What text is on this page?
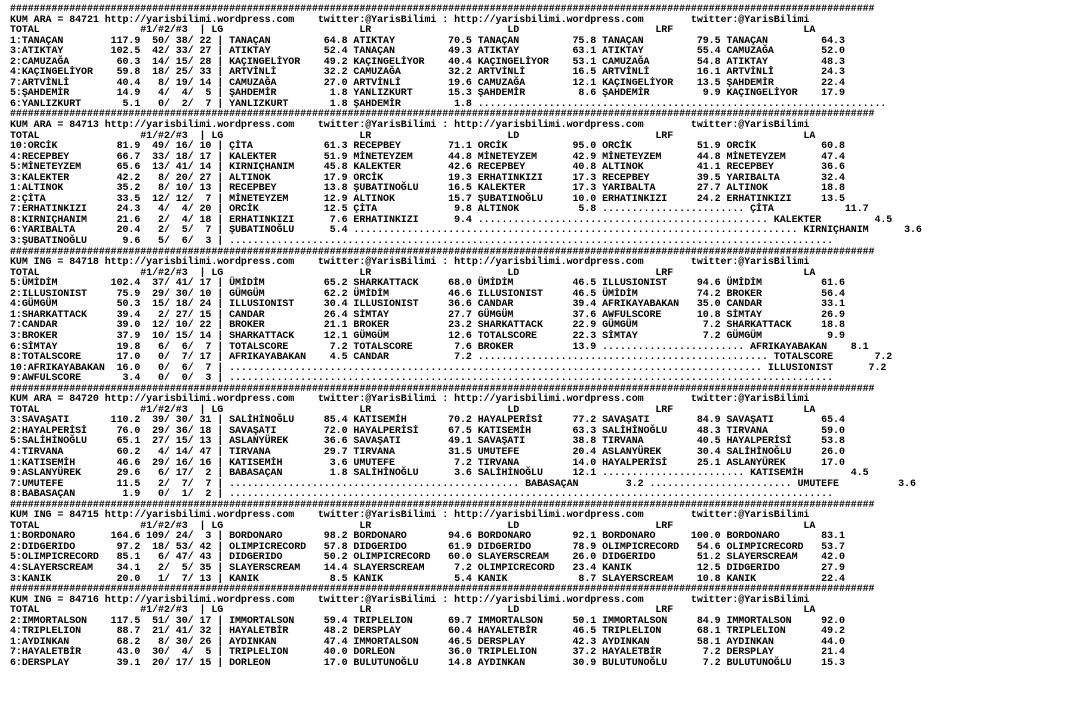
##################################################################################################################################################
KUM ARA = 84721 http://yarisbilimi.wordpress.com    twitter:@YarisBilimi : http://yarisbilimi.wordpress.com        twitter:@YarisBilimi
TOTAL                 #1/#2/#3  | LG                       LR                       LD                       LRF                      LA
1:TANAÇAN        117.9  50/ 38/ 22 | TANAÇAN         64.8 ATIKTAY         70.5 TANAÇAN         75.8 TANAÇAN         79.5 TANAÇAN         64.3
3:ATIKTAY        102.5  42/ 33/ 27 | ATIKTAY         52.4 TANAÇAN         49.3 ATIKTAY         63.1 ATIKTAY         55.4 CAMUZAĞA        52.0
2:CAMUZAĞA        60.3  14/ 15/ 28 | KAÇINGELİYOR    49.2 KAÇINGELİYOR    40.4 KAÇINGELİYOR    53.1 CAMUZAĞA        54.8 ATIKTAY         48.3
4:KAÇINGELİYOR    59.8  18/ 25/ 33 | ARTVİNLİ        32.2 CAMUZAĞA        32.2 ARTVİNLİ        16.5 ARTVİNLİ        16.1 ARTVİNLİ        24.3
7:ARTVİNLİ        40.4   8/ 19/ 14 | CAMUZAĞA        27.0 ARTVİNLİ        19.6 CAMUZAĞA        12.1 KAÇINGELİYOR    13.5 ŞAHDEMİR        22.4
5:ŞAHDEMİR        14.9   4/  4/  5 | ŞAHDEMİR         1.8 YANLIZKURT      15.3 ŞAHDEMİR         8.6 ŞAHDEMİR         9.9 KAÇINGELİYOR    17.9
6:YANLIZKURT       5.1   0/  2/  7 | YANLIZKURT       1.8 ŞAHDEMİR         1.8 .....................................................................
##################################################################################################################################################
KUM ARA = 84713 http://yarisbilimi.wordpress.com    twitter:@YarisBilimi : http://yarisbilimi.wordpress.com        twitter:@YarisBilimi
TOTAL                 #1/#2/#3  | LG                       LR                       LD                       LRF                      LA
10:ORCİK          81.9  49/ 16/ 10 | ÇİTA            61.3 RECEPBEY        71.1 ORCİK           95.0 ORCİK           51.9 ORCİK           60.8
4:RECEPBEY        66.7  33/ 18/ 17 | KALEKTER        51.9 MİNETEYZEM      44.8 MİNETEYZEM      42.9 MİNETEYZEM      44.8 MİNETEYZEM      47.4
5:MİNETEYZEM      65.6  13/ 41/ 14 | KIRNIÇHANIM     45.8 KALEKTER        42.6 RECEPBEY        40.8 ALTINOK         41.1 RECEPBEY        36.6
3:KALEKTER        42.2   8/ 20/ 27 | ALTINOK         17.9 ORCİK           19.3 ERHATINKIZI     17.3 RECEPBEY        39.5 YARIBALTA       32.4
1:ALTINOK         35.2   8/ 10/ 13 | RECEPBEY        13.8 ŞUBATINOĞLU     16.5 KALEKTER        17.3 YARIBALTA       27.7 ALTINOK         18.8
2:ÇİTA            33.5  12/ 12/  7 | MİNETEYZEM      12.9 ALTINOK         15.7 ŞUBATINOĞLU     10.0 ERHATINKIZI     24.2 ERHATINKIZI     13.5
7:ERHATINKIZI     24.3   4/  4/ 20 | ORCİK           12.5 ÇİTA             9.8 ALTINOK          5.8 ........................ ÇİTA            11.7
8:KIRNIÇHANIM     21.6   2/  4/ 18 | ERHATINKIZI      7.6 ERHATINKIZI      9.4 ................................................. KALEKTER         4.5
6:YARIBALTA       20.4   2/  5/  7 | ŞUBATINOĞLU      5.4 ........................................................................... KIRNIÇHANIM      3.6
3:ŞUBATINOĞLU      9.6   5/  6/  3 | ......................................................................................................
##################################################################################################################################################
KUM ING = 84718 http://yarisbilimi.wordpress.com    twitter:@YarisBilimi : http://yarisbilimi.wordpress.com        twitter:@YarisBilimi
TOTAL                 #1/#2/#3  | LG                       LR                       LD                       LRF                      LA
5:ÜMİDİM         102.4  37/ 41/ 17 | ÜMİDİM          65.2 SHARKATTACK     68.0 ÜMİDİM          46.5 ILLUSIONIST     94.6 ÜMİDİM          61.6
2:ILLUSIONIST     75.9  29/ 30/ 10 | GÜMGÜM          62.2 ÜMİDİM          46.6 ILLUSIONIST     46.5 ÜMİDİM          74.2 BROKER          56.4
4:GÜMGÜM          50.3  15/ 18/ 24 | ILLUSIONIST     30.4 ILLUSIONIST     36.6 CANDAR          39.4 AFRIKAYABAKAN   35.0 CANDAR          33.1
1:SHARKATTACK     39.4   2/ 27/ 15 | CANDAR          26.4 SİMTAY          27.7 GÜMGÜM          37.6 AWFULSCORE      10.8 SİMTAY          26.9
7:CANDAR          39.0  12/ 10/ 22 | BROKER          21.1 BROKER          23.2 SHARKATTACK     22.9 GÜMGÜM           7.2 SHARKATTACK     18.8
3:BROKER          37.9  10/ 15/ 14 | SHARKATTACK     12.1 GÜMGÜM          12.6 TOTALSCORE      22.3 SİMTAY           7.2 GÜMGÜM           9.9
6:SİMTAY          19.8   6/  6/  7 | TOTALSCORE       7.2 TOTALSCORE       7.6 BROKER          13.9 ........................ AFRIKAYABAKAN    8.1
8:TOTALSCORE      17.0   0/  7/ 17 | AFRIKAYABAKAN    4.5 CANDAR           7.2 ................................................. TOTALSCORE       7.2
10:AFRIKAYABAKAN  16.0   0/  6/  7 | .......................................................................................... ILLUSIONIST      7.2
9:AWFULSCORE       3.4   0/  0/  3 | ......................................................................................................
##################################################################################################################################################
KUM ARA = 84720 http://yarisbilimi.wordpress.com    twitter:@YarisBilimi : http://yarisbilimi.wordpress.com        twitter:@YarisBilimi
TOTAL                 #1/#2/#3  | LG                       LR                       LD                       LRF                      LA
3:SAVAŞATI       110.2  39/ 30/ 31 | SALİHİNOĞLU     85.4 KATISEMİH       70.2 HAYALPERİSİ     77.2 SAVAŞATI        84.9 SAVAŞATI        65.4
2:HAYALPERİSİ     76.0  29/ 36/ 18 | SAVAŞATI        72.0 HAYALPERİSİ     67.5 KATISEMİH       63.3 SALİHİNOĞLU     48.3 TIRVANA         59.0
5:SALİHİNOĞLU     65.1  27/ 15/ 13 | ASLANYÜREK      36.6 SAVAŞATI        49.1 SAVAŞATI        38.8 TIRVANA         40.5 HAYALPERİSİ     53.8
4:TIRVANA         60.2   4/ 14/ 47 | TIRVANA         29.7 TIRVANA         31.5 UMUTEFE         20.4 ASLANYÜREK      30.4 SALİHİNOĞLU     26.0
1:KATISEMİH       46.6  29/ 16/ 16 | KATISEMİH        3.6 UMUTEFE          7.2 TIRVANA         14.0 HAYALPERİSİ     25.1 ASLANYÜREK      17.0
9:ASLANYÜREK      29.6   6/ 17/  2 | BABASAÇAN        1.8 SALİHİNOĞLU      3.6 SALİHİNOĞLU     12.1 ........................ KATISEMİH        4.5
7:UMUTEFE         11.5   2/  7/  7 | ................................................. BABASAÇAN        3.2 ........................ UMUTEFE          3.6
8:BABASAÇAN        1.9   0/  1/  2 | ......................................................................................................
##################################################################################################################################################
KUM ING = 84715 http://yarisbilimi.wordpress.com    twitter:@YarisBilimi : http://yarisbilimi.wordpress.com        twitter:@YarisBilimi
TOTAL                 #1/#2/#3  | LG                       LR                       LD                       LRF                      LA
1:BORDONARO      164.6 109/ 24/  3 | BORDONARO       98.2 BORDONARO       94.6 BORDONARO       92.1 BORDONARO      100.0 BORDONARO       83.1
2:DIDGERIDO       97.2  18/ 53/ 42 | OLIMPICRECORD   57.8 DIDGERIDO       61.9 DIDGERIDO       78.9 OLIMPICRECORD   54.6 OLIMPICRECORD   53.7
5:OLIMPICRECORD   85.1   6/ 47/ 43 | DIDGERIDO       50.2 OLIMPICRECORD   60.0 SLAYERSCREAM    26.0 DIDGERIDO       51.2 SLAYERSCREAM    42.0
4:SLAYERSCREAM    34.1   2/  5/ 35 | SLAYERSCREAM    14.4 SLAYERSCREAM     7.2 OLIMPICRECORD   23.4 KANIK           12.5 DIDGERIDO       27.9
3:KANIK           20.0   1/  7/ 13 | KANIK            8.5 KANIK            5.4 KANIK            8.7 SLAYERSCREAM    10.8 KANIK           22.4
##################################################################################################################################################
KUM ING = 84716 http://yarisbilimi.wordpress.com    twitter:@YarisBilimi : http://yarisbilimi.wordpress.com        twitter:@YarisBilimi
TOTAL                 #1/#2/#3  | LG                       LR                       LD                       LRF                      LA
2:IMMORTALSON    117.5  51/ 30/ 17 | IMMORTALSON     59.4 TRIPLELION      69.7 IMMORTALSON     50.1 IMMORTALSON     84.9 IMMORTALSON     92.0
4:TRIPLELION      88.7  21/ 41/ 32 | HAYALETBİR      48.2 DERSPLAY        60.4 HAYALETBİR      46.5 TRIPLELION      68.1 TRIPLELION      49.2
1:AYDINKAN        68.2   8/ 30/ 26 | AYDINKAN        47.4 IMMORTALSON     46.5 DERSPLAY        42.3 AYDINKAN        58.1 AYDINKAN        44.0
7:HAYALETBİR      43.0  30/  4/  5 | TRIPLELION      40.0 DORLEON         36.0 TRIPLELION      37.2 HAYALETBİR       7.2 DERSPLAY        21.4
6:DERSPLAY        39.1  20/ 17/ 15 | DORLEON         17.0 BULUTUNOĞLU     14.8 AYDINKAN        30.9 BULUTUNOĞLU      7.2 BULUTUNOĞLU     15.3
